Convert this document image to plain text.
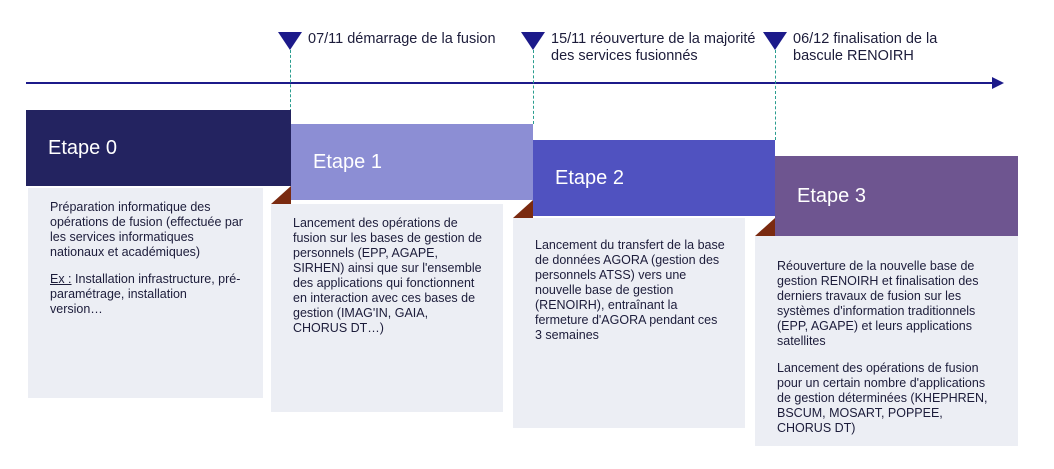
07/11 démarrage de la fusion	15/11 réouverture de la majorité
des services fusionnés
06/12 finalisation de la
bascule RENOIRH

Préparation informatique des opérations de fusion (effectuée par les services informatiques nationaux et académiques)

Ex : Installation infrastructure, pré-paramétrage, installation version…

Etape 0

Lancement des opérations de fusion sur les bases de gestion de personnels (EPP, AGAPE, SIRHEN) ainsi que sur l'ensemble des applications qui fonctionnent en interaction avec ces bases de gestion (IMAG'IN, GAIA, CHORUS DT…)

Etape 1

Lancement du transfert de la base de données AGORA (gestion des personnels ATSS) vers une nouvelle base de gestion (RENOIRH), entraînant la fermeture d'AGORA pendant ces 3 semaines

Etape 2

Réouverture de la nouvelle base de gestion RENOIRH et finalisation des derniers travaux de fusion sur les systèmes d'information traditionnels (EPP, AGAPE) et leurs applications satellites

Lancement des opérations de fusion pour un certain nombre d'applications de gestion déterminées (KHEPHREN, BSCUM, MOSART, POPPEE, CHORUS DT)

Etape 3
